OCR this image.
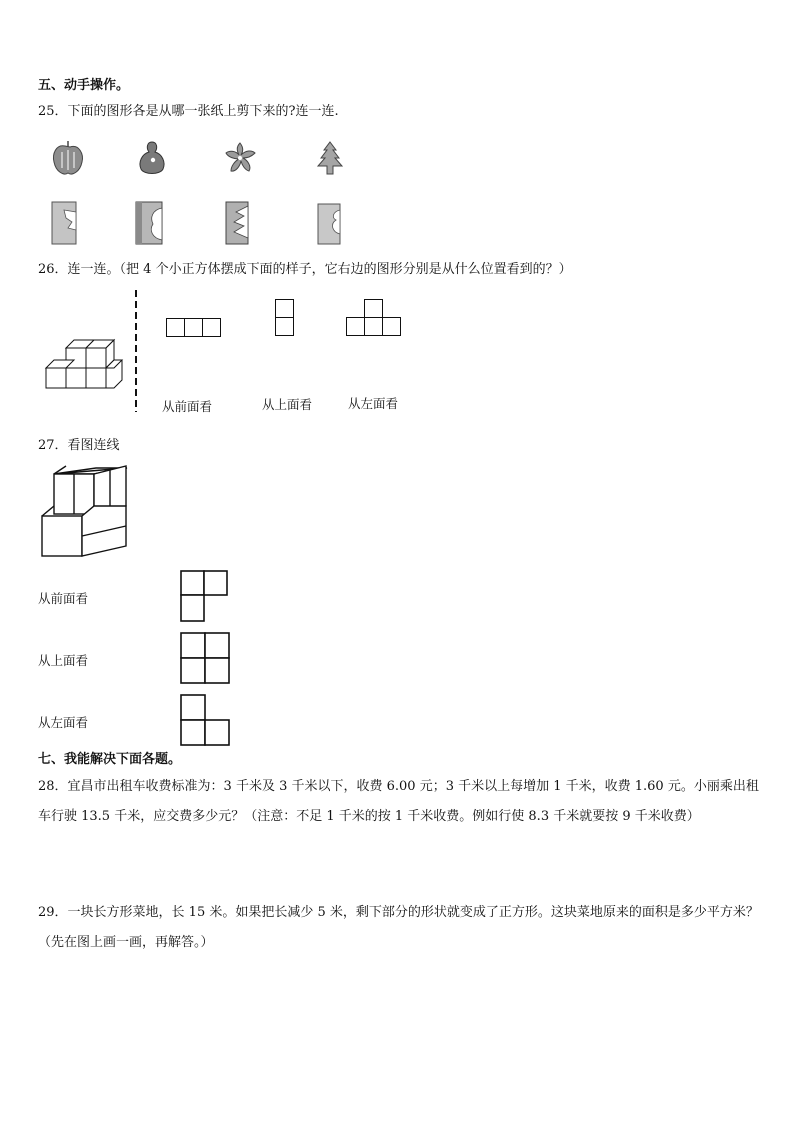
五、动手操作。
25．下面的图形各是从哪一张纸上剪下来的?连一连.
26．连一连。（把 4 个小正方体摆成下面的样子，它右边的图形分别是从什么位置看到的？）
从前面看	从上面看	从左面看
27．看图连线
从前面看
从上面看
从左面看
七、我能解决下面各题。
28．宜昌市出租车收费标准为：3 千米及 3 千米以下，收费 6.00 元；3 千米以上每增加 1 千米，收费 1.60 元。小丽乘出租车行驶 13.5 千米，应交费多少元？（注意：不足 1 千米的按 1 千米收费。例如行使 8.3 千米就要按 9 千米收费）
29．一块长方形菜地，长 15 米。如果把长减少 5 米，剩下部分的形状就变成了正方形。这块菜地原来的面积是多少平方米？（先在图上画一画，再解答。）
